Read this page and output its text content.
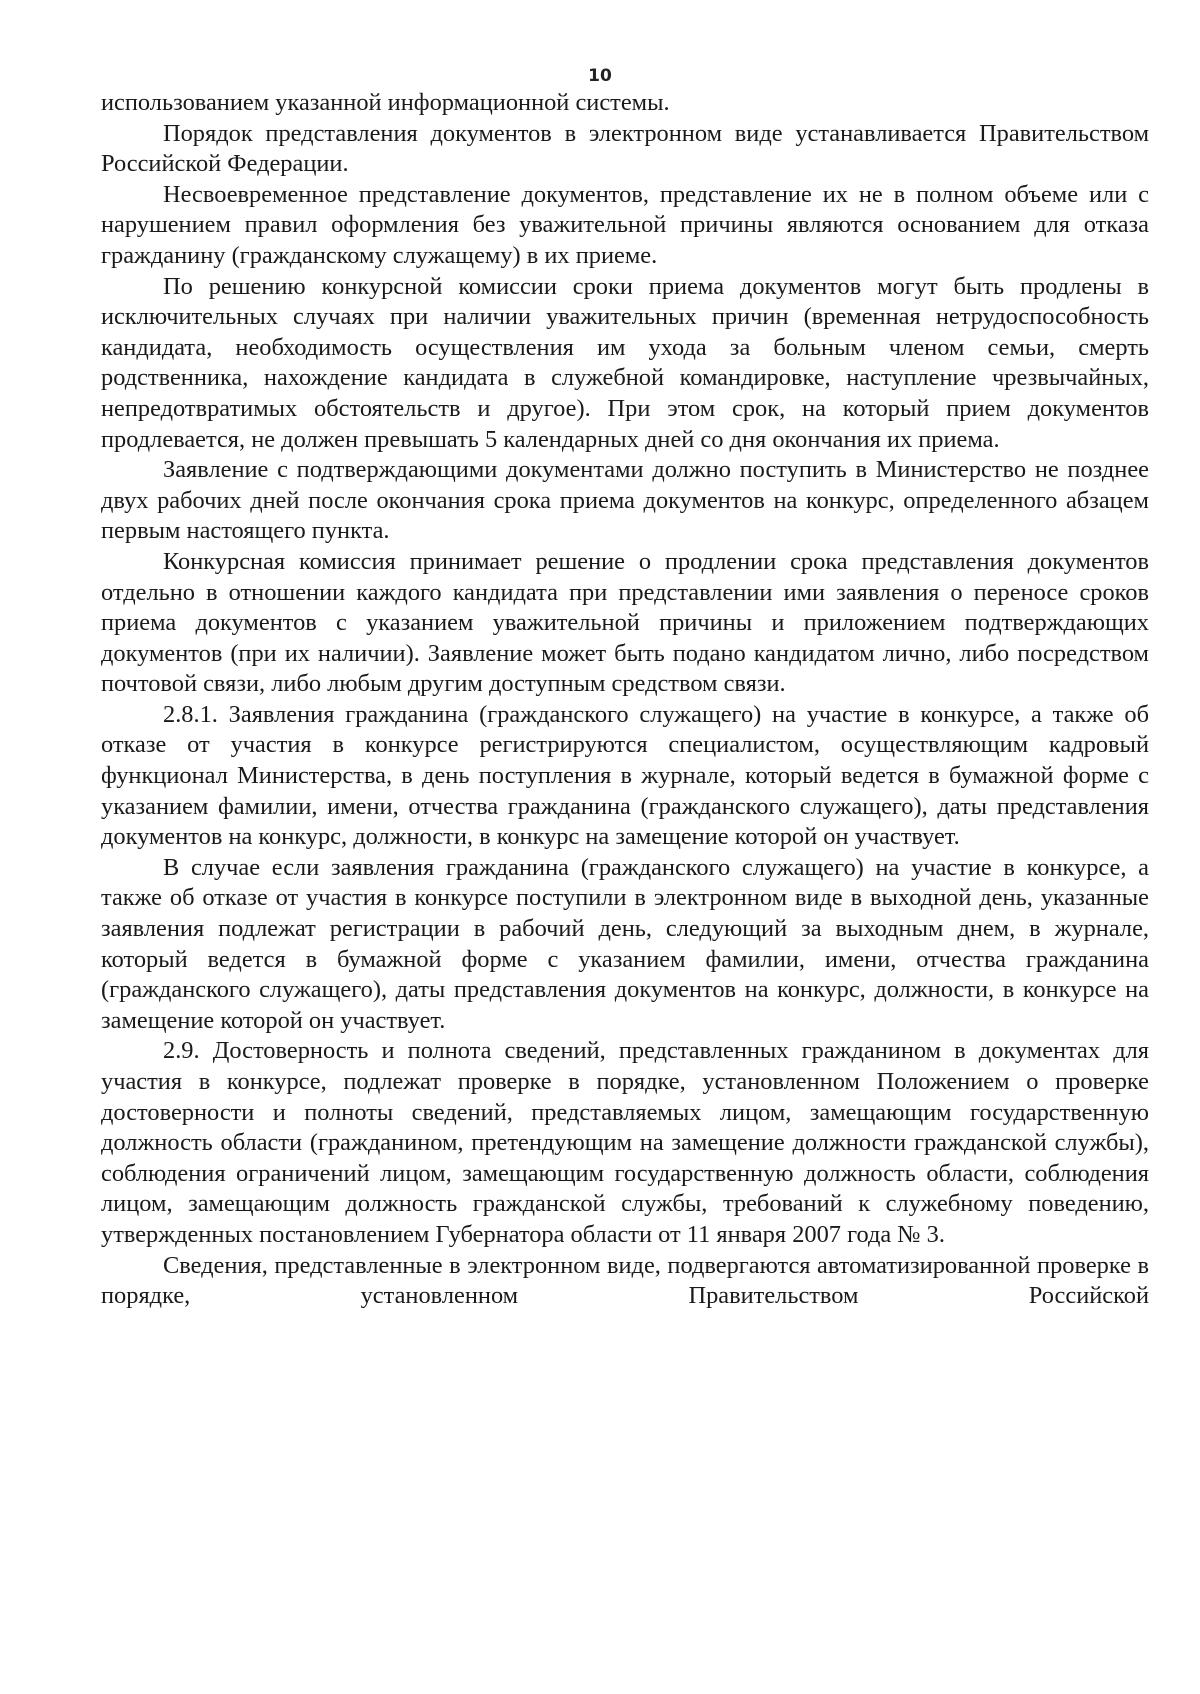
10

использованием указанной информационной системы.

Порядок представления документов в электронном виде устанавливается Правительством Российской Федерации.

Несвоевременное представление документов, представление их не в полном объеме или с нарушением правил оформления без уважительной причины являются основанием для отказа гражданину (гражданскому служащему) в их приеме.

По решению конкурсной комиссии сроки приема документов могут быть продлены в исключительных случаях при наличии уважительных причин (временная нетрудоспособность кандидата, необходимость осуществления им ухода за больным членом семьи, смерть родственника, нахождение кандидата в служебной командировке, наступление чрезвычайных, непредотвратимых обстоятельств и другое). При этом срок, на который прием документов продлевается, не должен превышать 5 календарных дней со дня окончания их приема.

Заявление с подтверждающими документами должно поступить в Министерство не позднее двух рабочих дней после окончания срока приема документов на конкурс, определенного абзацем первым настоящего пункта.

Конкурсная комиссия принимает решение о продлении срока представления документов отдельно в отношении каждого кандидата при представлении ими заявления о переносе сроков приема документов с указанием уважительной причины и приложением подтверждающих документов (при их наличии). Заявление может быть подано кандидатом лично, либо посредством почтовой связи, либо любым другим доступным средством связи.

2.8.1. Заявления гражданина (гражданского служащего) на участие в конкурсе, а также об отказе от участия в конкурсе регистрируются специалистом, осуществляющим кадровый функционал Министерства, в день поступления в журнале, который ведется в бумажной форме с указанием фамилии, имени, отчества гражданина (гражданского служащего), даты представления документов на конкурс, должности, в конкурс на замещение которой он участвует.

В случае если заявления гражданина (гражданского служащего) на участие в конкурсе, а также об отказе от участия в конкурсе поступили в электронном виде в выходной день, указанные заявления подлежат регистрации в рабочий день, следующий за выходным днем, в журнале, который ведется в бумажной форме с указанием фамилии, имени, отчества гражданина (гражданского служащего), даты представления документов на конкурс, должности, в конкурсе на замещение которой он участвует.

2.9. Достоверность и полнота сведений, представленных гражданином в документах для участия в конкурсе, подлежат проверке в порядке, установленном Положением о проверке достоверности и полноты сведений, представляемых лицом, замещающим государственную должность области (гражданином, претендующим на замещение должности гражданской службы), соблюдения ограничений лицом, замещающим государственную должность области, соблюдения лицом, замещающим должность гражданской службы, требований к служебному поведению, утвержденных постановлением Губернатора области от 11 января 2007 года № 3.

Сведения, представленные в электронном виде, подвергаются автоматизированной проверке в порядке, установленном Правительством Российской
